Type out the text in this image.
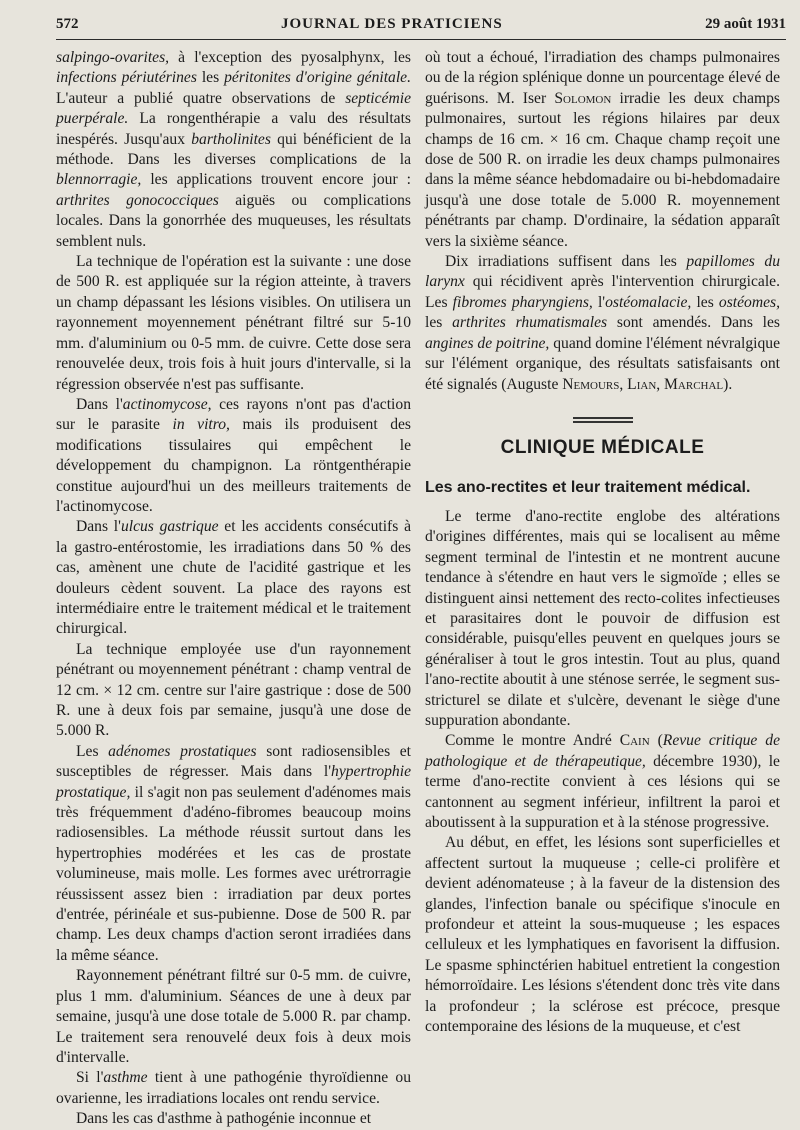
572	JOURNAL DES PRATICIENS	29 août 1931

salpingo-ovarites, à l'exception des pyosalphynx, les infections périutérines les péritonites d'origine génitale. L'auteur a publié quatre observations de septicémie puerpérale. La rongenthérapie a valu des résultats inespérés. Jusqu'aux bartholinites qui bénéficient de la méthode. Dans les diverses complications de la blennorragie, les applications trouvent encore jour : arthrites gonococciques aiguës ou complications locales. Dans la gonorrhée des muqueuses, les résultats semblent nuls.

La technique de l'opération est la suivante : une dose de 500 R. est appliquée sur la région atteinte, à travers un champ dépassant les lésions visibles. On utilisera un rayonnement moyennement pénétrant filtré sur 5-10 mm. d'aluminium ou 0-5 mm. de cuivre. Cette dose sera renouvelée deux, trois fois à huit jours d'intervalle, si la régression observée n'est pas suffisante.

Dans l'actinomycose, ces rayons n'ont pas d'action sur le parasite in vitro, mais ils produisent des modifications tissulaires qui empêchent le développement du champignon. La röntgenthérapie constitue aujourd'hui un des meilleurs traitements de l'actinomycose.

Dans l'ulcus gastrique et les accidents consécutifs à la gastro-entérostomie, les irradiations dans 50 % des cas, amènent une chute de l'acidité gastrique et les douleurs cèdent souvent. La place des rayons est intermédiaire entre le traitement médical et le traitement chirurgical.

La technique employée use d'un rayonnement pénétrant ou moyennement pénétrant : champ ventral de 12 cm. × 12 cm. centre sur l'aire gastrique : dose de 500 R. une à deux fois par semaine, jusqu'à une dose de 5.000 R.

Les adénomes prostatiques sont radiosensibles et susceptibles de régresser. Mais dans l'hypertrophie prostatique, il s'agit non pas seulement d'adénomes mais très fréquemment d'adéno-fibromes beaucoup moins radiosensibles. La méthode réussit surtout dans les hypertrophies modérées et les cas de prostate volumineuse, mais molle. Les formes avec urétrorragie réussissent assez bien : irradiation par deux portes d'entrée, périnéale et sus-pubienne. Dose de 500 R. par champ. Les deux champs d'action seront irradiées dans la même séance.

Rayonnement pénétrant filtré sur 0-5 mm. de cuivre, plus 1 mm. d'aluminium. Séances de une à deux par semaine, jusqu'à une dose totale de 5.000 R. par champ. Le traitement sera renouvelé deux fois à deux mois d'intervalle.

Si l'asthme tient à une pathogénie thyroïdienne ou ovarienne, les irradiations locales ont rendu service.

Dans les cas d'asthme à pathogénie inconnue et

où tout a échoué, l'irradiation des champs pulmonaires ou de la région splénique donne un pourcentage élevé de guérisons. M. Iser Solomon irradie les deux champs pulmonaires, surtout les régions hilaires par deux champs de 16 cm. × 16 cm. Chaque champ reçoit une dose de 500 R. on irradie les deux champs pulmonaires dans la même séance hebdomadaire ou bi-hebdomadaire jusqu'à une dose totale de 5.000 R. moyennement pénétrants par champ. D'ordinaire, la sédation apparaît vers la sixième séance.

Dix irradiations suffisent dans les papillomes du larynx qui récidivent après l'intervention chirurgicale. Les fibromes pharyngiens, l'ostéomalacie, les ostéomes, les arthrites rhumatismales sont amendés. Dans les angines de poitrine, quand domine l'élément névralgique sur l'élément organique, des résultats satisfaisants ont été signalés (Auguste Nemours, Lian, Marchal).

CLINIQUE MÉDICALE
Les ano-rectites et leur traitement médical.

Le terme d'ano-rectite englobe des altérations d'origines différentes, mais qui se localisent au même segment terminal de l'intestin et ne montrent aucune tendance à s'étendre en haut vers le sigmoïde ; elles se distinguent ainsi nettement des recto-colites infectieuses et parasitaires dont le pouvoir de diffusion est considérable, puisqu'elles peuvent en quelques jours se généraliser à tout le gros intestin. Tout au plus, quand l'ano-rectite aboutit à une sténose serrée, le segment sus-stricturel se dilate et s'ulcère, devenant le siège d'une suppuration abondante.

Comme le montre André Cain (Revue critique de pathologique et de thérapeutique, décembre 1930), le terme d'ano-rectite convient à ces lésions qui se cantonnent au segment inférieur, infiltrent la paroi et aboutissent à la suppuration et à la sténose progressive.

Au début, en effet, les lésions sont superficielles et affectent surtout la muqueuse ; celle-ci prolifère et devient adénomateuse ; à la faveur de la distension des glandes, l'infection banale ou spécifique s'inocule en profondeur et atteint la sous-muqueuse ; les espaces celluleux et les lymphatiques en favorisent la diffusion. Le spasme sphinctérien habituel entretient la congestion hémorroïdaire. Les lésions s'étendent donc très vite dans la profondeur ; la sclérose est précoce, presque contemporaine des lésions de la muqueuse, et c'est
